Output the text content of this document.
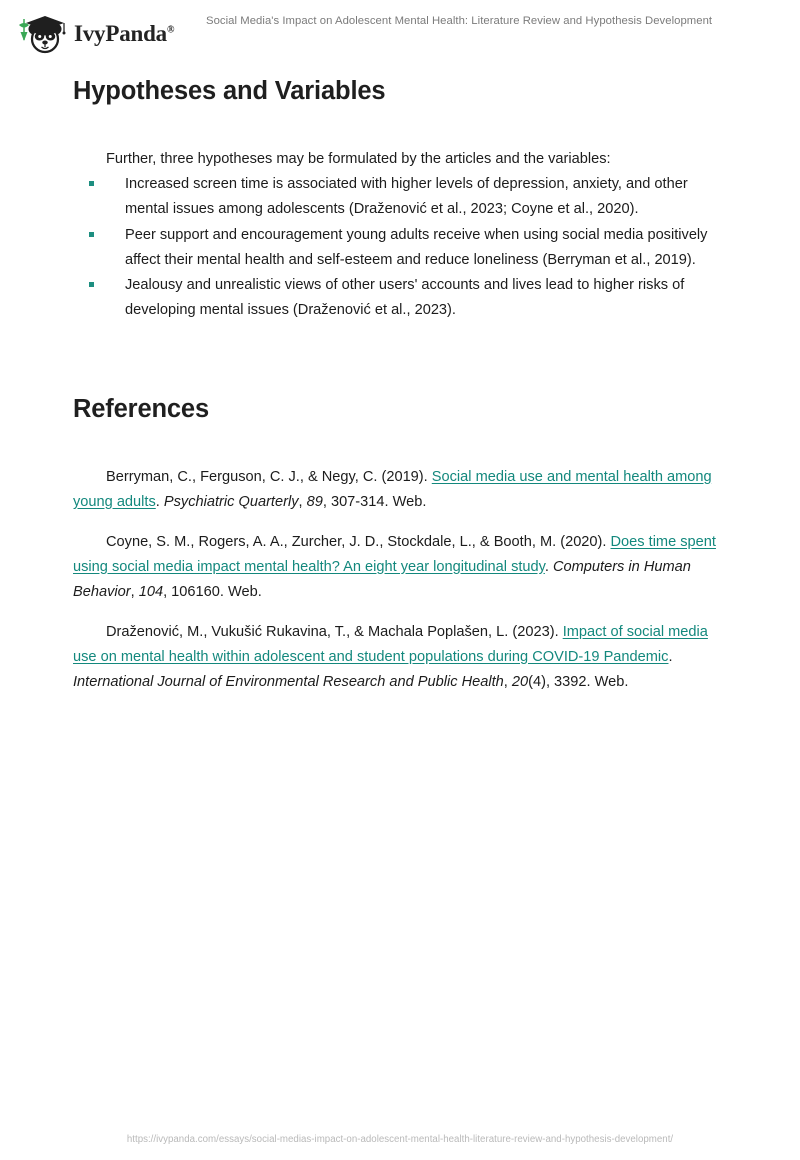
IvyPanda®
Social Media's Impact on Adolescent Mental Health: Literature Review and Hypothesis Development
Hypotheses and Variables

Further, three hypotheses may be formulated by the articles and the variables:

Increased screen time is associated with higher levels of depression, anxiety, and other mental issues among adolescents (Draženović et al., 2023; Coyne et al., 2020).
Peer support and encouragement young adults receive when using social media positively affect their mental health and self-esteem and reduce loneliness (Berryman et al., 2019).
Jealousy and unrealistic views of other users' accounts and lives lead to higher risks of developing mental issues (Draženović et al., 2023).
References

Berryman, C., Ferguson, C. J., & Negy, C. (2019). Social media use and mental health among young adults. Psychiatric Quarterly, 89, 307-314. Web.

Coyne, S. M., Rogers, A. A., Zurcher, J. D., Stockdale, L., & Booth, M. (2020). Does time spent using social media impact mental health? An eight year longitudinal study. Computers in Human Behavior, 104, 106160. Web.

Draženović, M., Vukušić Rukavina, T., & Machala Poplašen, L. (2023). Impact of social media use on mental health within adolescent and student populations during COVID-19 Pandemic. International Journal of Environmental Research and Public Health, 20(4), 3392. Web.

https://ivypanda.com/essays/social-medias-impact-on-adolescent-mental-health-literature-review-and-hypothesis-development/
